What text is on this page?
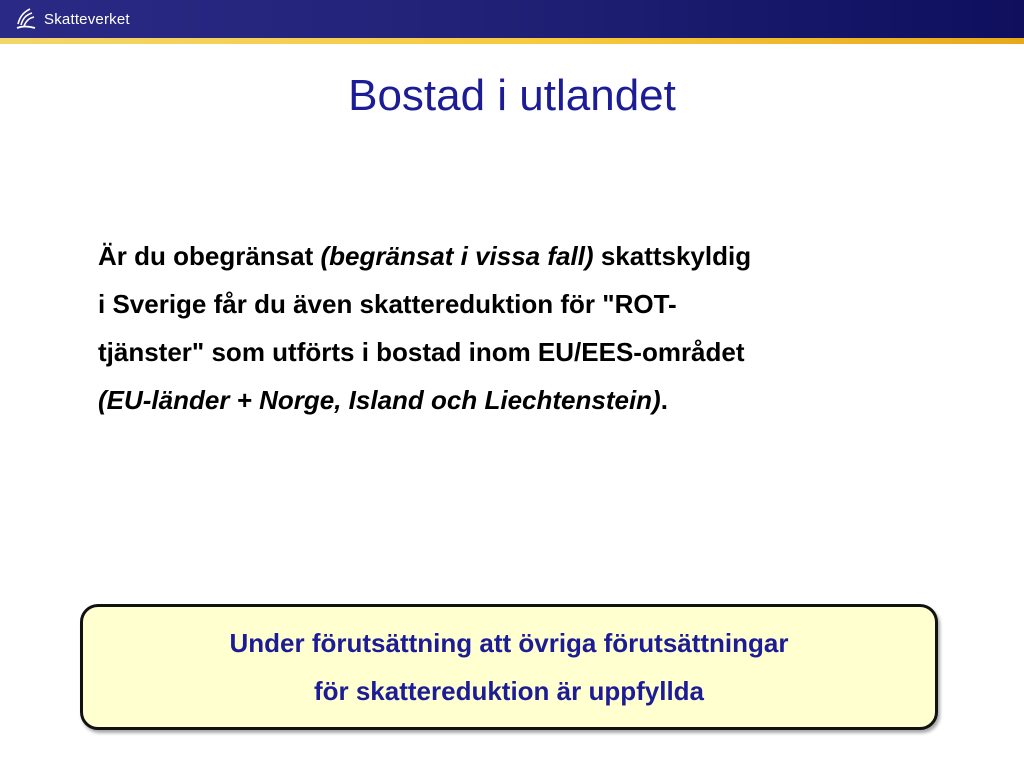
Skatteverket
Bostad i utlandet

Är du obegränsat (begränsat i vissa fall) skattskyldig
i Sverige får du även skattereduktion för "ROT-
tjänster" som utförts i bostad inom EU/EES-området
(EU-länder + Norge, Island och Liechtenstein).

Under förutsättning att övriga förutsättningar
för skattereduktion är uppfyllda
